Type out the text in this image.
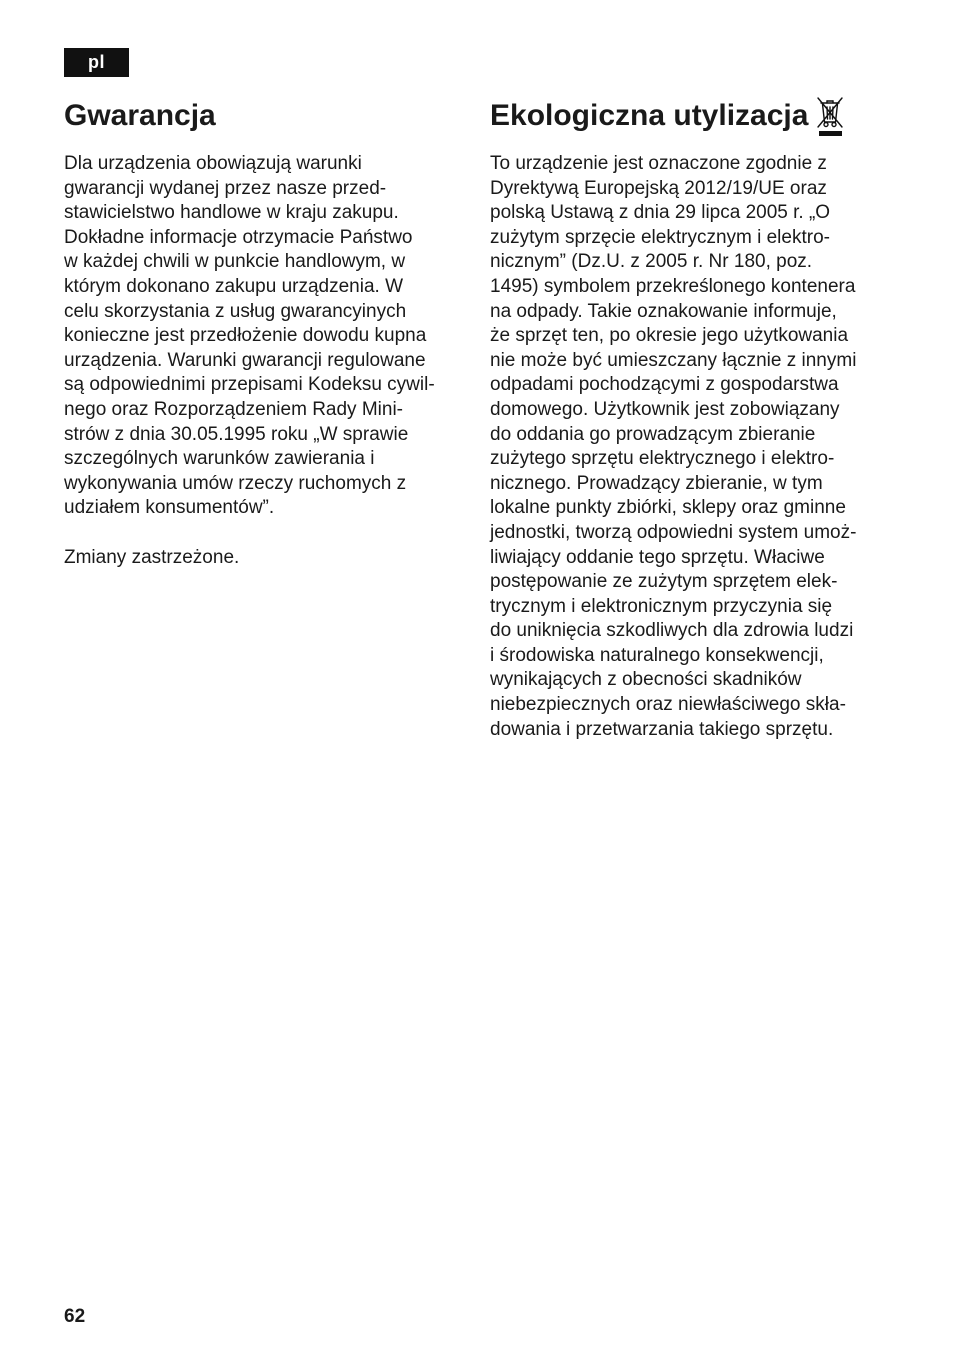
pl
Gwarancja

Dla urządzenia obowiązują warunki
gwarancji wydanej przez nasze przed-
stawicielstwo handlowe w kraju zakupu.
Dokładne informacje otrzymacie Państwo
w każdej chwili w punkcie handlowym, w
którym dokonano zakupu urządzenia. W
celu skorzystania z usług gwarancyinych
konieczne jest przedłożenie dowodu kupna
urządzenia. Warunki gwarancji regulowane
są odpowiednimi przepisami Kodeksu cywil-
nego oraz Rozporządzeniem Rady Mini-
strów z dnia 30.05.1995 roku „W sprawie
szczególnych warunków zawierania i
wykonywania umów rzeczy ruchomych z
udziałem konsumentów”.

Zmiany zastrzeżone.

Ekologiczna utylizacja

To urządzenie jest oznaczone zgodnie z
Dyrektywą Europejską 2012/19/UE oraz
polską Ustawą z dnia 29 lipca 2005 r. „O
zużytym sprzęcie elektrycznym i elektro-
nicznym” (Dz.U. z 2005 r. Nr 180, poz.
1495) symbolem przekreślonego kontenera
na odpady. Takie oznakowanie informuje,
że sprzęt ten, po okresie jego użytkowania
nie może być umieszczany łącznie z innymi
odpadami pochodzącymi z gospodarstwa
domowego. Użytkownik jest zobowiązany
do oddania go prowadzącym zbieranie
zużytego sprzętu elektrycznego i elektro-
nicznego. Prowadzący zbieranie, w tym
lokalne punkty zbiórki, sklepy oraz gminne
jednostki, tworzą odpowiedni system umoż-
liwiający oddanie tego sprzętu. Właciwe
postępowanie ze zużytym sprzętem elek-
trycznym i elektronicznym przyczynia się
do uniknięcia szkodliwych dla zdrowia ludzi
i środowiska naturalnego konsekwencji,
wynikających z obecności skadników
niebezpiecznych oraz niewłaściwego skła-
dowania i przetwarzania takiego sprzętu.

62
